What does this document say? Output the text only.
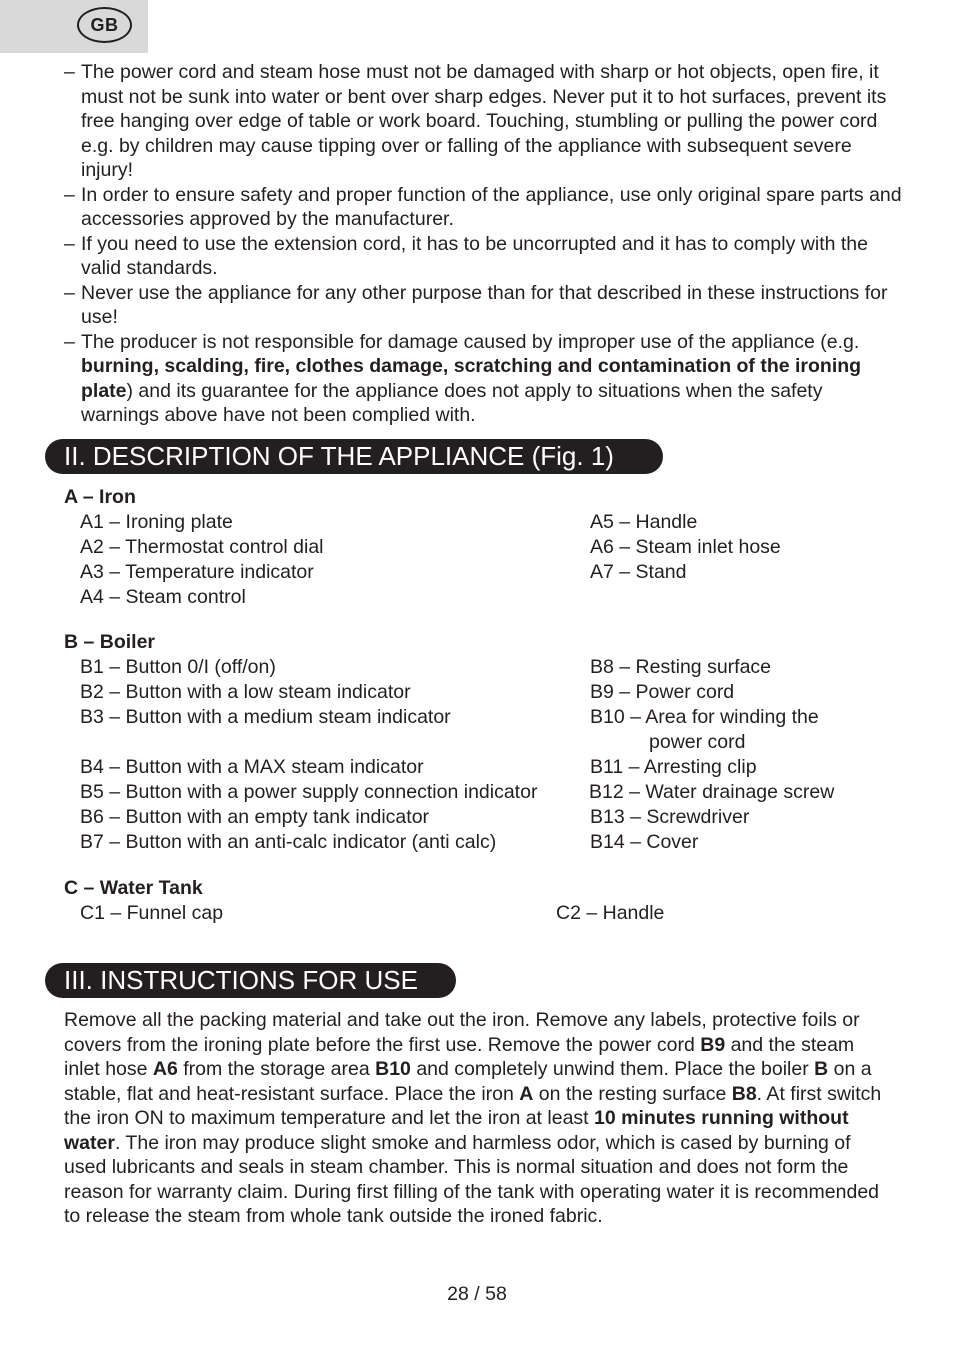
GB
– The power cord and steam hose must not be damaged with sharp or hot objects, open fire, it must not be sunk into water or bent over sharp edges. Never put it to hot surfaces, prevent its free hanging over edge of table or work board. Touching, stumbling or pulling the power cord e.g. by children may cause tipping over or falling of the appliance with subsequent severe injury!
– In order to ensure safety and proper function of the appliance, use only original spare parts and accessories approved by the manufacturer.
– If you need to use the extension cord, it has to be uncorrupted and it has to comply with the valid standards.
– Never use the appliance for any other purpose than for that described in these instructions for use!
– The producer is not responsible for damage caused by improper use of the appliance (e.g. burning, scalding, fire, clothes damage, scratching and contamination of the ironing plate) and its guarantee for the appliance does not apply to situations when the safety warnings above have not been complied with.
II. DESCRIPTION OF THE APPLIANCE (Fig. 1)
A – Iron
A1 – Ironing plate
A2 – Thermostat control dial
A3 – Temperature indicator
A4 – Steam control
A5 – Handle
A6 – Steam inlet hose
A7 – Stand
B – Boiler
B1 – Button 0/I (off/on)
B2 – Button with a low steam indicator
B3 – Button with a medium steam indicator
B4 – Button with a MAX steam indicator
B5 – Button with a power supply connection indicator
B6 – Button with an empty tank indicator
B7 – Button with an anti-calc indicator (anti calc)
B8 – Resting surface
B9 – Power cord
B10 – Area for winding the
power cord
B11 – Arresting clip
B12 – Water drainage screw
B13 – Screwdriver
B14 – Cover
C – Water Tank
C1 – Funnel cap	C2 – Handle
III. INSTRUCTIONS FOR USE
Remove all the packing material and take out the iron. Remove any labels, protective foils or covers from the ironing plate before the first use. Remove the power cord B9 and the steam inlet hose A6 from the storage area B10 and completely unwind them. Place the boiler B on a stable, flat and heat-resistant surface. Place the iron A on the resting surface B8. At first switch the iron ON to maximum temperature and let the iron at least 10 minutes running without water. The iron may produce slight smoke and harmless odor, which is cased by burning of used lubricants and seals in steam chamber. This is normal situation and does not form the reason for warranty claim. During first filling of the tank with operating water it is recommended to release the steam from whole tank outside the ironed fabric.
28 / 58
